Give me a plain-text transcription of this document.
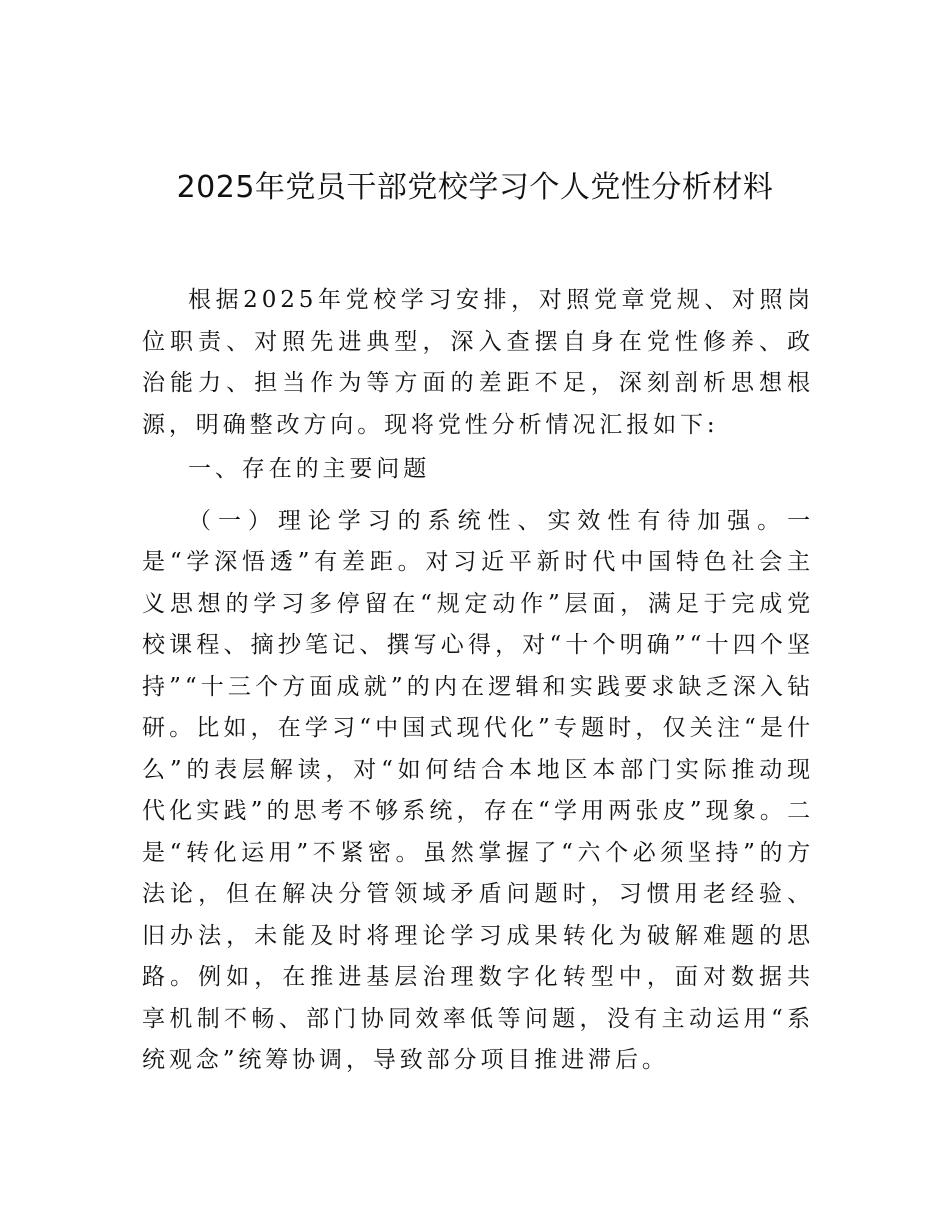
2025年党员干部党校学习个人党性分析材料

根据2025年党校学习安排，对照党章党规、对照岗位职责、对照先进典型，深入查摆自身在党性修养、政治能力、担当作为等方面的差距不足，深刻剖析思想根源，明确整改方向。现将党性分析情况汇报如下:

一、存在的主要问题

（一）理论学习的系统性、实效性有待加强。一是“学深悟透”有差距。对习近平新时代中国特色社会主义思想的学习多停留在“规定动作”层面，满足于完成党校课程、摘抄笔记、撰写心得，对“十个明确”“十四个坚持”“十三个方面成就”的内在逻辑和实践要求缺乏深入钻研。比如，在学习“中国式现代化”专题时，仅关注“是什么”的表层解读，对“如何结合本地区本部门实际推动现代化实践”的思考不够系统，存在“学用两张皮”现象。二是“转化运用”不紧密。虽然掌握了“六个必须坚持”的方法论，但在解决分管领域矛盾问题时，习惯用老经验、旧办法，未能及时将理论学习成果转化为破解难题的思路。例如，在推进基层治理数字化转型中，面对数据共享机制不畅、部门协同效率低等问题，没有主动运用“系统观念”统筹协调，导致部分项目推进滞后。
